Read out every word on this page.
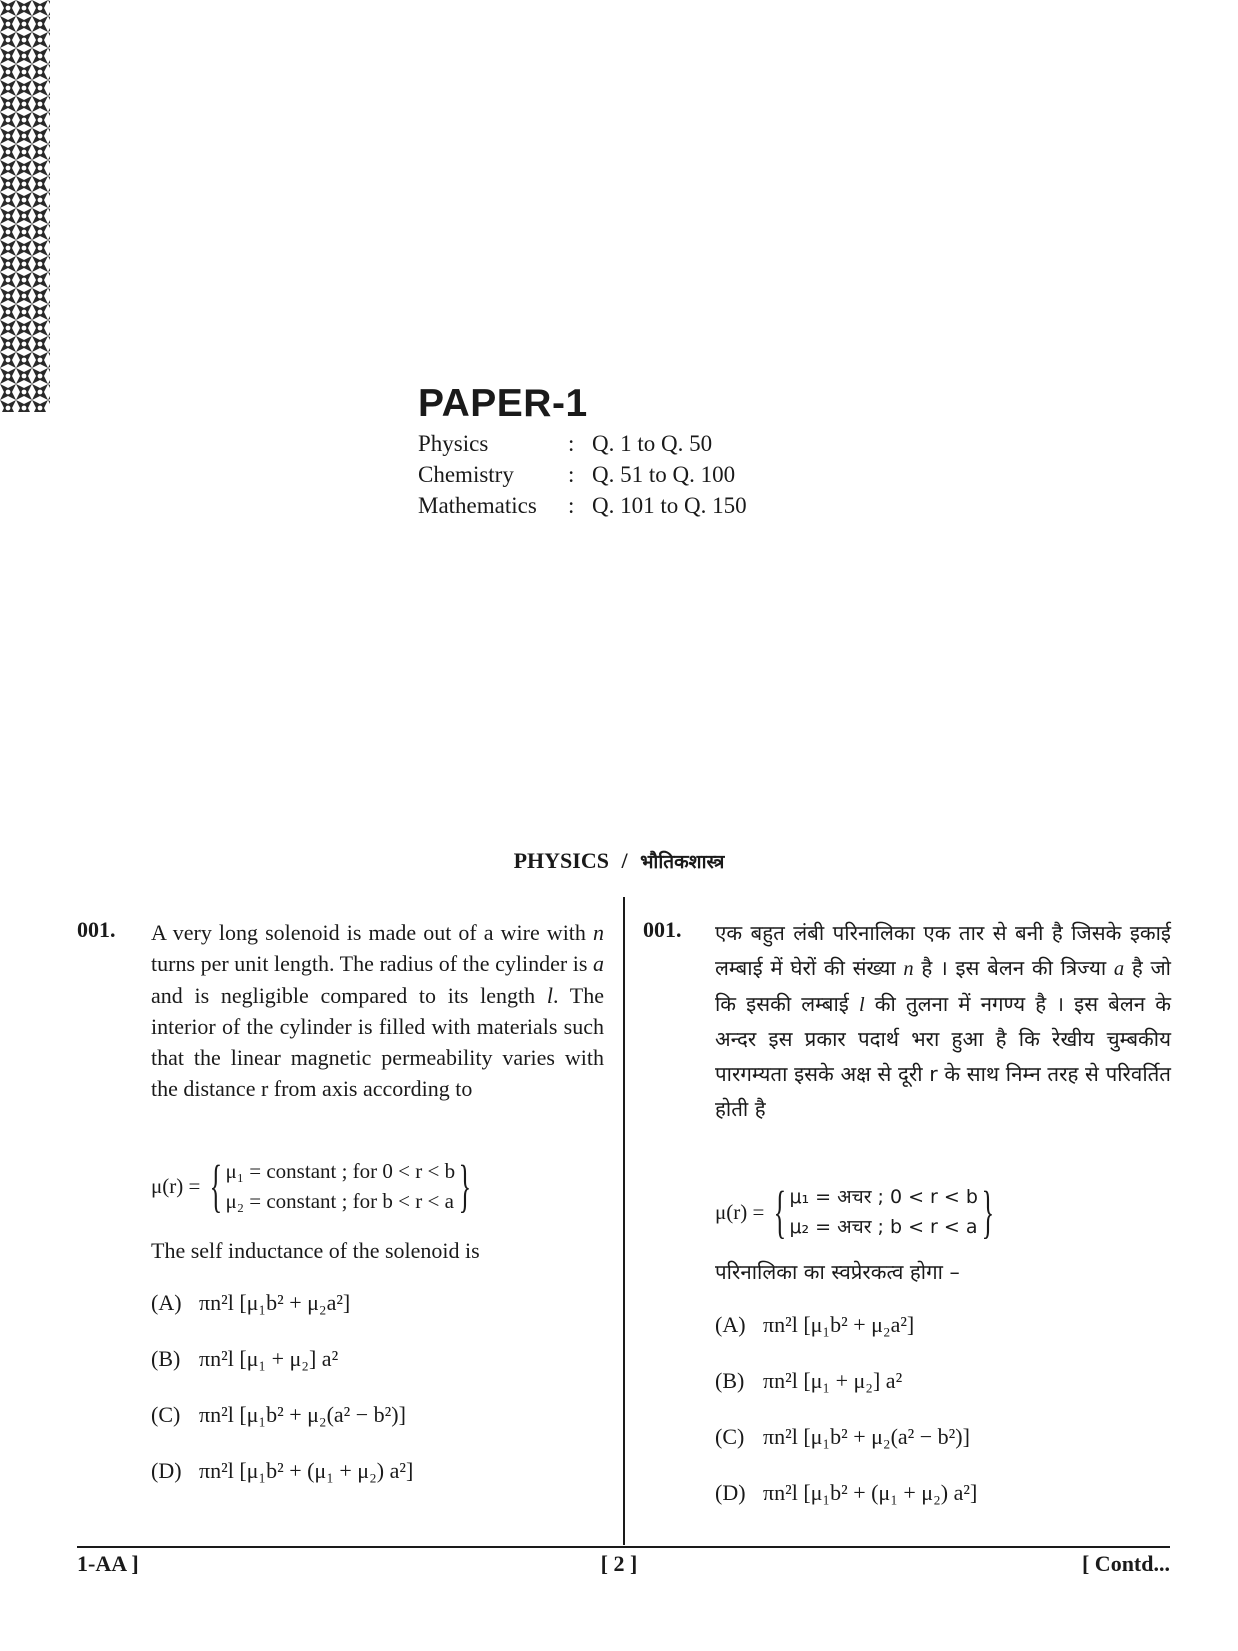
PAPER-1
Physics	: Q. 1 to Q. 50
Chemistry	: Q. 51 to Q. 100
Mathematics	: Q. 101 to Q. 150
PHYSICS / भौतिकशास्त्र
001. A very long solenoid is made out of a wire with n turns per unit length. The radius of the cylinder is a and is negligible compared to its length l. The interior of the cylinder is filled with materials such that the linear magnetic permeability varies with the distance r from axis according to
μ(r) = { μ₁ = constant ; for 0 < r < b
μ₂ = constant ; for b < r < a }
The self inductance of the solenoid is
(A) πn²l [μ₁b² + μ₂a²]
(B) πn²l [μ₁ + μ₂] a²
(C) πn²l [μ₁b² + μ₂(a² − b²)]
(D) πn²l [μ₁b² + (μ₁ + μ₂) a²]
001. एक बहुत लंबी परिनालिका एक तार से बनी है जिसके इकाई लम्बाई में घेरों की संख्या n है । इस बेलन की त्रिज्या a है जो कि इसकी लम्बाई l की तुलना में नगण्य है । इस बेलन के अन्दर इस प्रकार पदार्थ भरा हुआ है कि रेखीय चुम्बकीय पारगम्यता इसके अक्ष से दूरी r के साथ निम्न तरह से परिवर्तित होती है
μ(r) = { μ₁ = अचर ; 0 < r < b
μ₂ = अचर ; b < r < a }
परिनालिका का स्वप्रेरकत्व होगा –
(A) πn²l [μ₁b² + μ₂a²]
(B) πn²l [μ₁ + μ₂] a²
(C) πn²l [μ₁b² + μ₂(a² − b²)]
(D) πn²l [μ₁b² + (μ₁ + μ₂) a²]
1-AA ]	[ 2 ]	[ Contd...
